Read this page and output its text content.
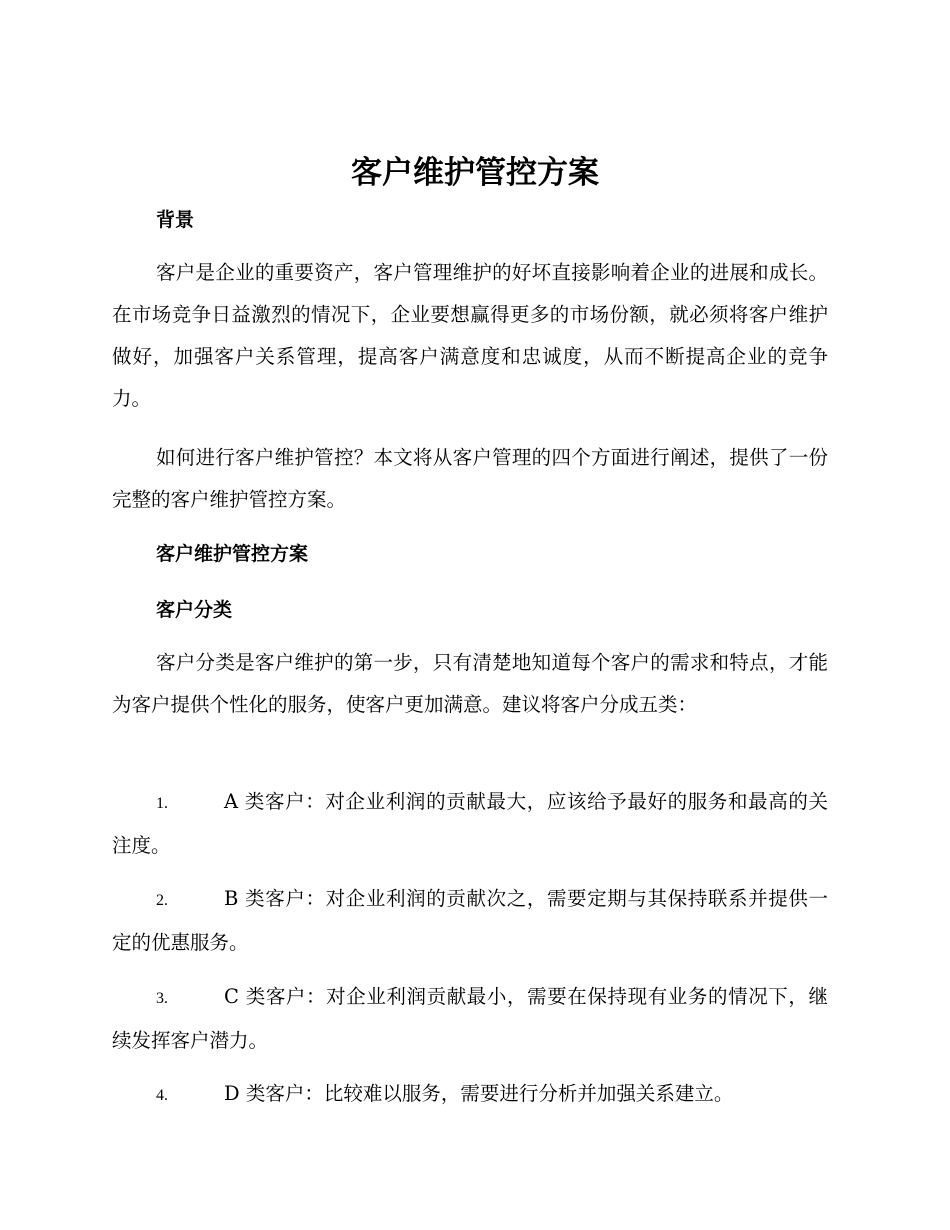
客户维护管控方案
背景

客户是企业的重要资产，客户管理维护的好坏直接影响着企业的进展和成长。在市场竞争日益激烈的情况下，企业要想赢得更多的市场份额，就必须将客户维护做好，加强客户关系管理，提高客户满意度和忠诚度，从而不断提高企业的竞争力。

如何进行客户维护管控？本文将从客户管理的四个方面进行阐述，提供了一份完整的客户维护管控方案。

客户维护管控方案
客户分类

客户分类是客户维护的第一步，只有清楚地知道每个客户的需求和特点，才能为客户提供个性化的服务，使客户更加满意。建议将客户分成五类：

1.	A 类客户：对企业利润的贡献最大，应该给予最好的服务和最高的关注度。

2.	B 类客户：对企业利润的贡献次之，需要定期与其保持联系并提供一定的优惠服务。

3.	C 类客户：对企业利润贡献最小，需要在保持现有业务的情况下，继续发挥客户潜力。

4.	D 类客户：比较难以服务，需要进行分析并加强关系建立。
